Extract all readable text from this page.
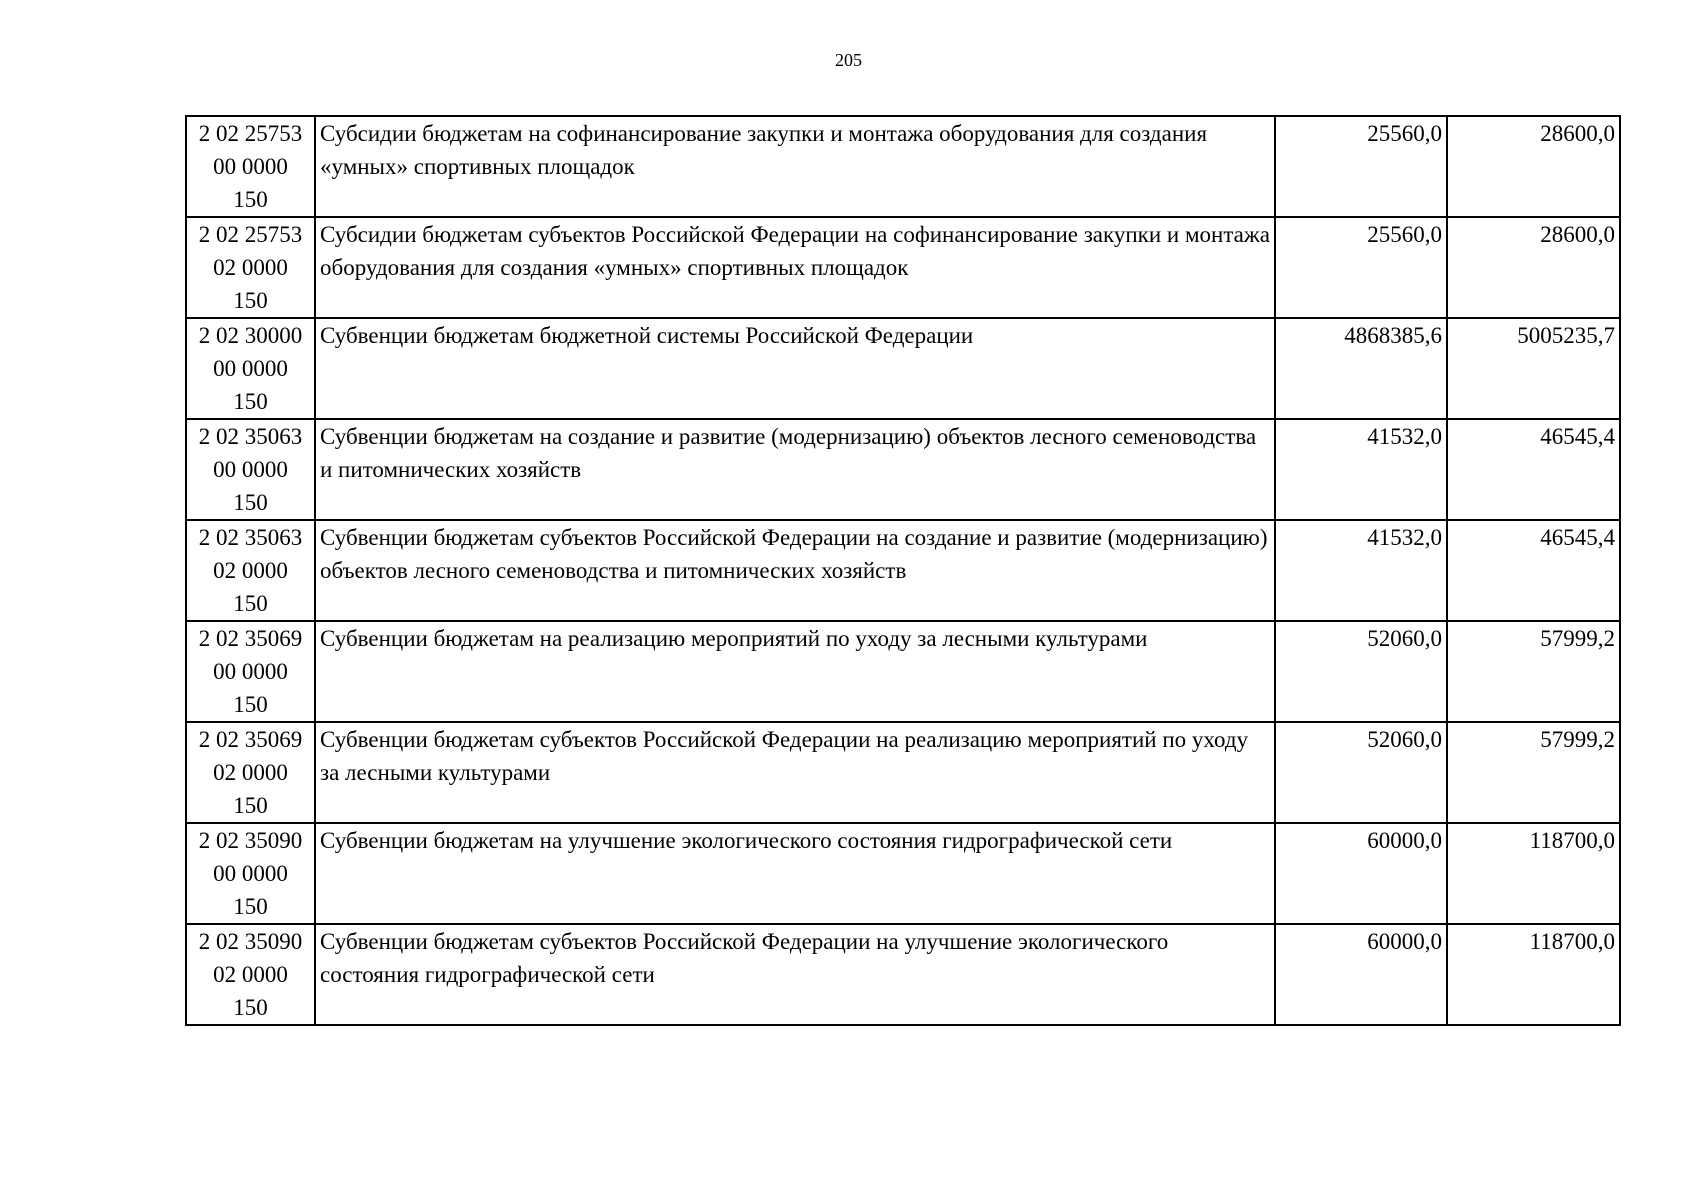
205
2 02 25753
00 0000
150	Субсидии бюджетам на софинансирование закупки и монтажа оборудования для создания «умных» спортивных площадок	25560,0	28600,0

2 02 25753
02 0000
150	Субсидии бюджетам субъектов Российской Федерации на софинансирование закупки и монтажа оборудования для создания «умных» спортивных площадок	25560,0	28600,0

2 02 30000
00 0000
150	Субвенции бюджетам бюджетной системы Российской Федерации	4868385,6	5005235,7

2 02 35063
00 0000
150	Субвенции бюджетам на создание и развитие (модернизацию) объектов лесного семеноводства и питомнических хозяйств	41532,0	46545,4

2 02 35063
02 0000
150	Субвенции бюджетам субъектов Российской Федерации на создание и развитие (модернизацию) объектов лесного семеноводства и питомнических хозяйств	41532,0	46545,4

2 02 35069
00 0000
150	Субвенции бюджетам на реализацию мероприятий по уходу за лесными культурами	52060,0	57999,2

2 02 35069
02 0000
150	Субвенции бюджетам субъектов Российской Федерации на реализацию мероприятий по уходу за лесными культурами	52060,0	57999,2

2 02 35090
00 0000
150	Субвенции бюджетам на улучшение экологического состояния гидрографической сети	60000,0	118700,0

2 02 35090
02 0000
150	Субвенции бюджетам субъектов Российской Федерации на улучшение экологического состояния гидрографической сети	60000,0	118700,0
